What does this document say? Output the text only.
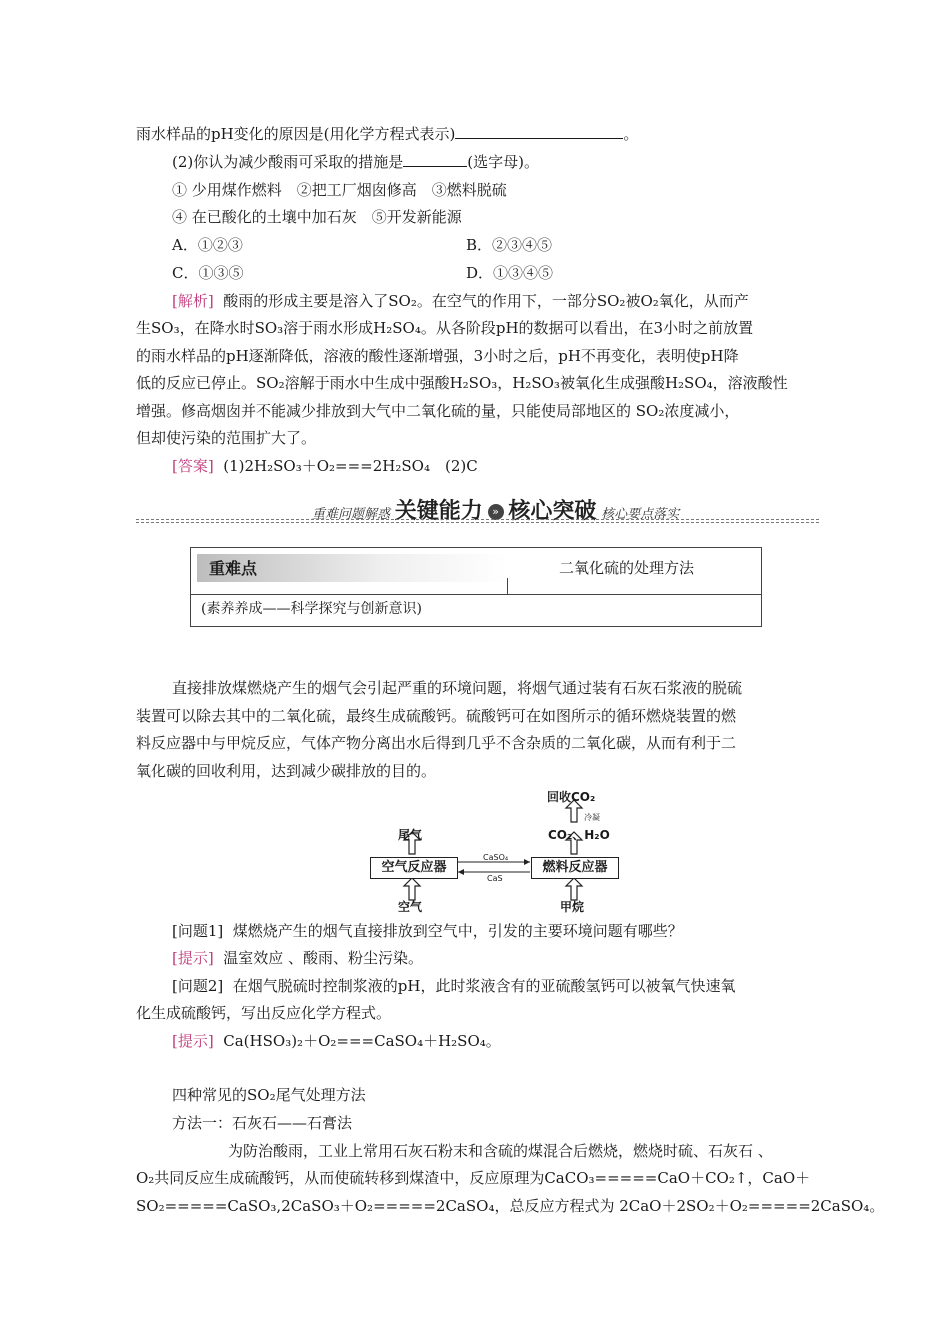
雨水样品的pH变化的原因是(用化学方程式表示)	。
(2)你认为减少酸雨可采取的措施是	(选字母)。
① 少用煤作燃料　②把工厂烟囱修高　③燃料脱硫
④ 在已酸化的土壤中加石灰　⑤开发新能源
A．①②③	B．②③④⑤
C．①③⑤	D．①③④⑤
[解析] 酸雨的形成主要是溶入了SO₂。在空气的作用下，一部分SO₂被O₂氧化，从而产
生SO₃，在降水时SO₃溶于雨水形成H₂SO₄。从各阶段pH的数据可以看出，在3小时之前放置
的雨水样品的pH逐渐降低，溶液的酸性逐渐增强，3小时之后，pH不再变化，表明使pH降
低的反应已停止。SO₂溶解于雨水中生成中强酸H₂SO₃，H₂SO₃被氧化生成强酸H₂SO₄，溶液酸性
增强。修高烟囱并不能减少排放到大气中二氧化硫的量，只能使局部地区的 SO₂浓度减小，
但却使污染的范围扩大了。
[答案] (1)2H₂SO₃＋O₂===2H₂SO₄　(2)C
重难问题解惑 关键能力 » 核心突破 核心要点落实
重难点	二氧化硫的处理方法
(素养养成——科学探究与创新意识)
直接排放煤燃烧产生的烟气会引起严重的环境问题，将烟气通过装有石灰石浆液的脱硫
装置可以除去其中的二氧化硫，最终生成硫酸钙。硫酸钙可在如图所示的循环燃烧装置的燃
料反应器中与甲烷反应，气体产物分离出水后得到几乎不含杂质的二氧化碳，从而有利于二
氧化碳的回收利用，达到减少碳排放的目的。
回收CO₂
冷凝
CO₂、H₂O
尾气
空气反应器	燃料反应器
CaSO₄
CaS
空气	甲烷
[问题1] 煤燃烧产生的烟气直接排放到空气中，引发的主要环境问题有哪些？
[提示] 温室效应 、酸雨、粉尘污染。
[问题2] 在烟气脱硫时控制浆液的pH，此时浆液含有的亚硫酸氢钙可以被氧气快速氧
化生成硫酸钙，写出反应化学方程式。
[提示] Ca(HSO₃)₂＋O₂===CaSO₄＋H₂SO₄。
四种常见的SO₂尾气处理方法
方法一：石灰石——石膏法
为防治酸雨，工业上常用石灰石粉末和含硫的煤混合后燃烧，燃烧时硫、石灰石 、
O₂共同反应生成硫酸钙，从而使硫转移到煤渣中，反应原理为CaCO₃=====CaO＋CO₂↑，CaO＋
SO₂=====CaSO₃,2CaSO₃＋O₂=====2CaSO₄，总反应方程式为 2CaO＋2SO₂＋O₂=====2CaSO₄。
